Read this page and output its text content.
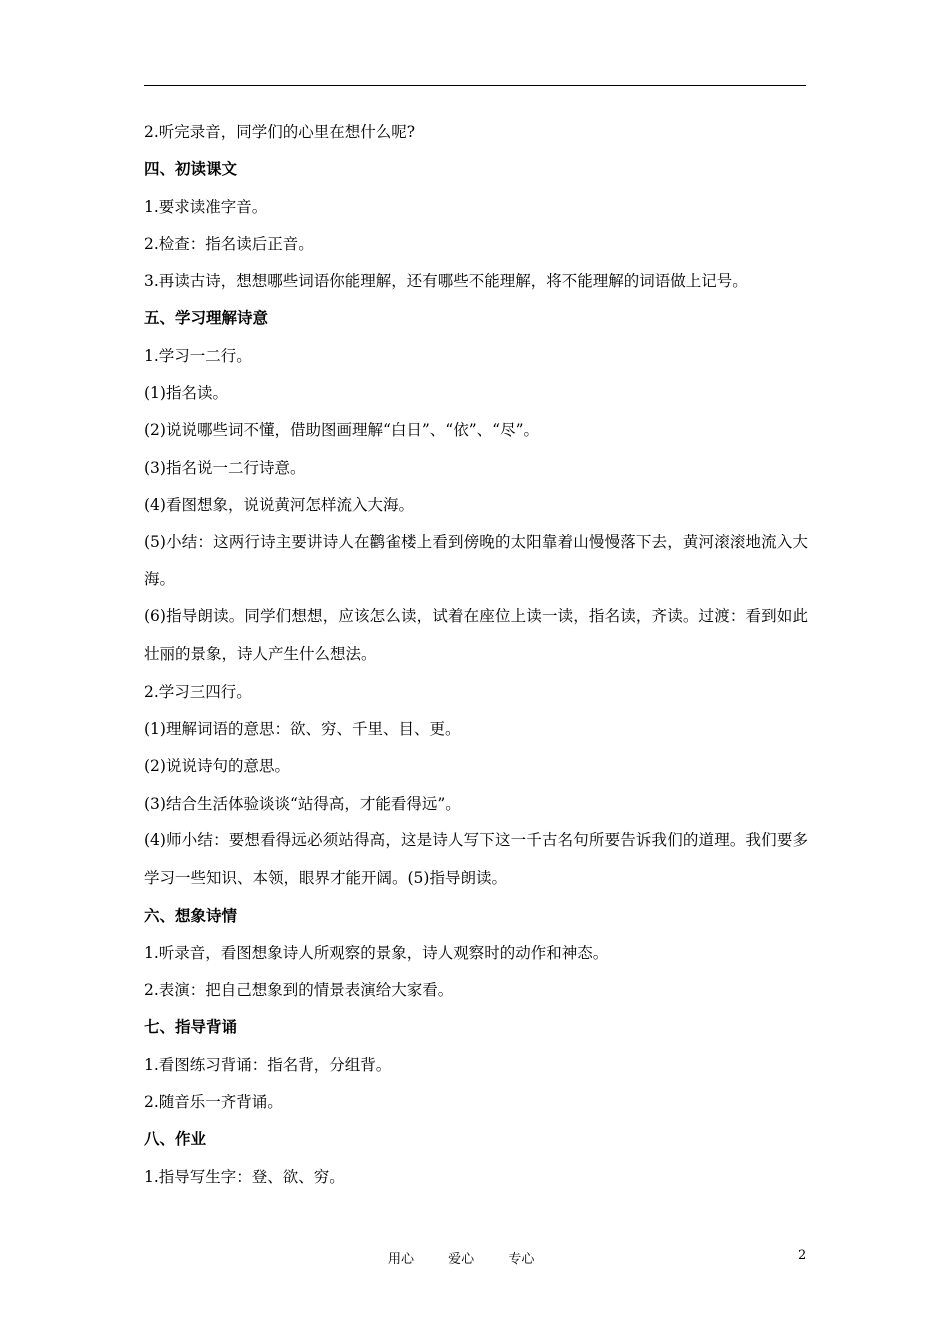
2.听完录音，同学们的心里在想什么呢?
四、初读课文
1.要求读准字音。
2.检查：指名读后正音。
3.再读古诗，想想哪些词语你能理解，还有哪些不能理解，将不能理解的词语做上记号。
五、学习理解诗意
1.学习一二行。
(1)指名读。
(2)说说哪些词不懂，借助图画理解“白日”、“依”、“尽”。
(3)指名说一二行诗意。
(4)看图想象，说说黄河怎样流入大海。
(5)小结：这两行诗主要讲诗人在鹳雀楼上看到傍晚的太阳靠着山慢慢落下去，黄河滚滚地流入大海。
(6)指导朗读。同学们想想，应该怎么读，试着在座位上读一读，指名读，齐读。过渡：看到如此壮丽的景象，诗人产生什么想法。
2.学习三四行。
(1)理解词语的意思：欲、穷、千里、目、更。
(2)说说诗句的意思。
(3)结合生活体验谈谈“站得高，才能看得远”。
(4)师小结：要想看得远必须站得高，这是诗人写下这一千古名句所要告诉我们的道理。我们要多学习一些知识、本领，眼界才能开阔。(5)指导朗读。
六、想象诗情
1.听录音，看图想象诗人所观察的景象，诗人观察时的动作和神态。
2.表演：把自己想象到的情景表演给大家看。
七、指导背诵
1.看图练习背诵：指名背，分组背。
2.随音乐一齐背诵。
八、作业
1.指导写生字：登、欲、穷。
用心	爱心	专心	2
